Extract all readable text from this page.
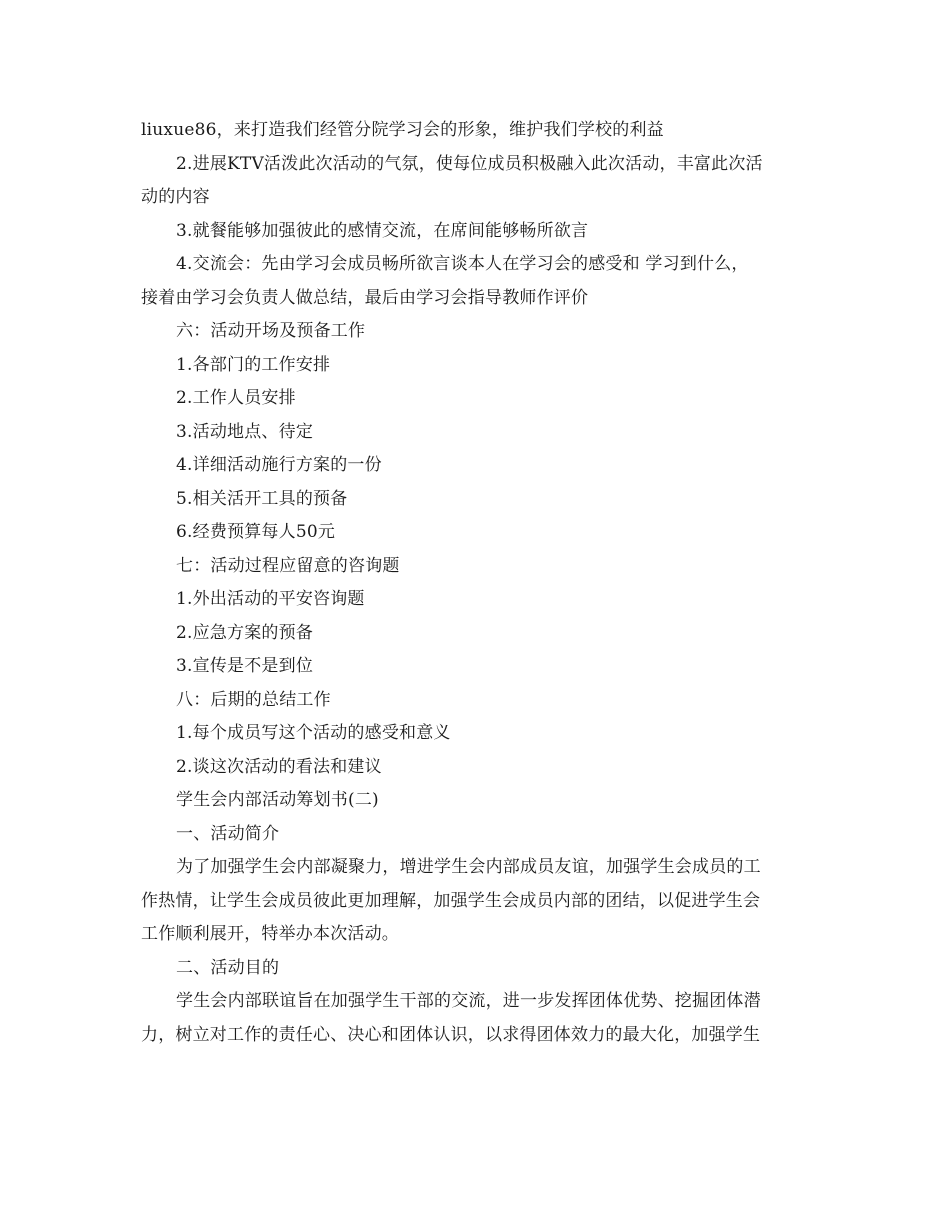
liuxue86，来打造我们经管分院学习会的形象，维护我们学校的利益
2.进展KTV活泼此次活动的气氛，使每位成员积极融入此次活动，丰富此次活
动的内容
3.就餐能够加强彼此的感情交流，在席间能够畅所欲言
4.交流会：先由学习会成员畅所欲言谈本人在学习会的感受和 学习到什么，
接着由学习会负责人做总结，最后由学习会指导教师作评价
六：活动开场及预备工作
1.各部门的工作安排
2.工作人员安排
3.活动地点、待定
4.详细活动施行方案的一份
5.相关活开工具的预备
6.经费预算每人50元
七：活动过程应留意的咨询题
1.外出活动的平安咨询题
2.应急方案的预备
3.宣传是不是到位
八：后期的总结工作
1.每个成员写这个活动的感受和意义
2.谈这次活动的看法和建议
学生会内部活动筹划书(二)
一、活动简介
为了加强学生会内部凝聚力，增进学生会内部成员友谊，加强学生会成员的工
作热情，让学生会成员彼此更加理解，加强学生会成员内部的团结，以促进学生会
工作顺利展开，特举办本次活动。
二、活动目的
学生会内部联谊旨在加强学生干部的交流，进一步发挥团体优势、挖掘团体潜
力，树立对工作的责任心、决心和团体认识，以求得团体效力的最大化，加强学生
